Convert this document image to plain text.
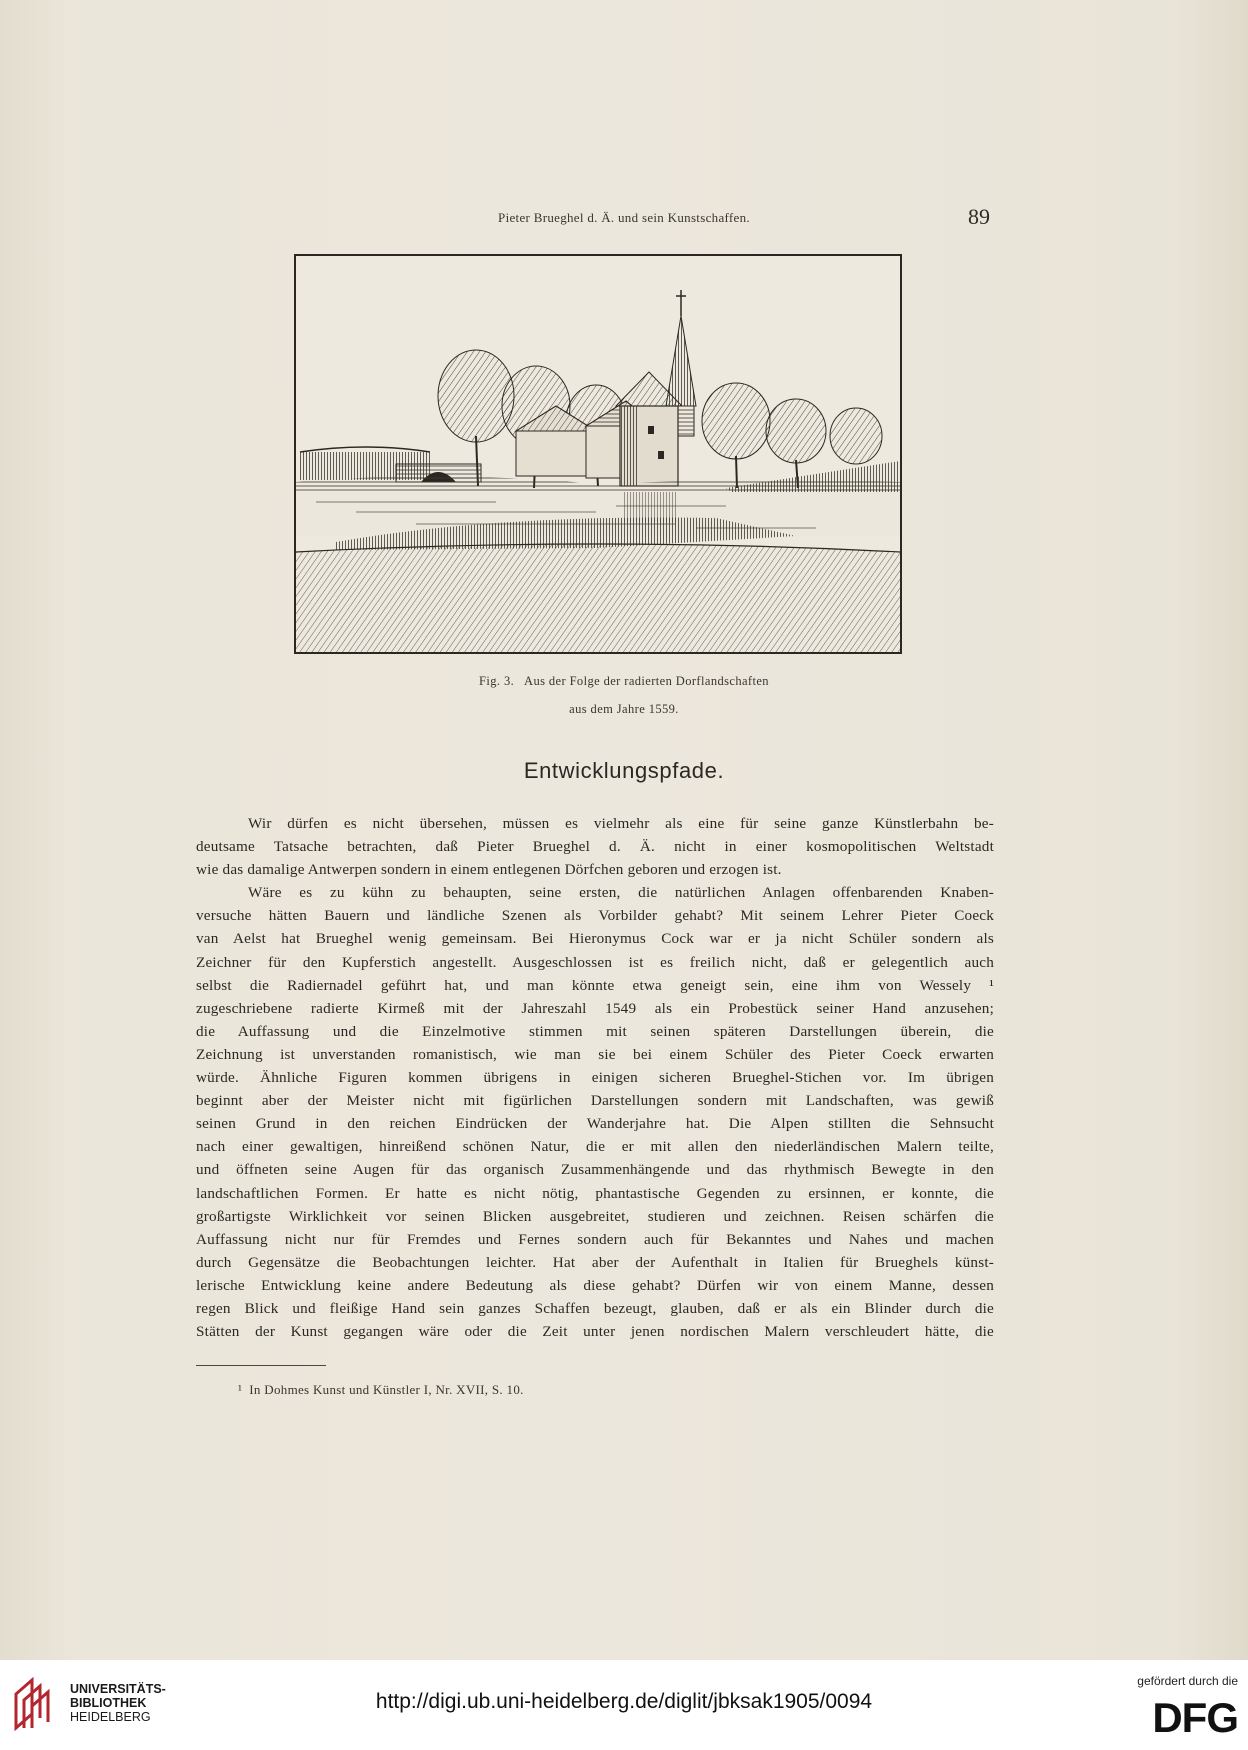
Pieter Brueghel d. Ä. und sein Kunstschaffen.	89
Fig. 3.   Aus der Folge der radierten Dorflandschaften
aus dem Jahre 1559.
Entwicklungspfade.
Wir dürfen es nicht übersehen, müssen es vielmehr als eine für seine ganze Künstlerbahn be-
deutsame Tatsache betrachten, daß Pieter Brueghel d. Ä. nicht in einer kosmopolitischen Weltstadt
wie das damalige Antwerpen sondern in einem entlegenen Dörfchen geboren und erzogen ist.
Wäre es zu kühn zu behaupten, seine ersten, die natürlichen Anlagen offenbarenden Knaben-
versuche hätten Bauern und ländliche Szenen als Vorbilder gehabt? Mit seinem Lehrer Pieter Coeck
van Aelst hat Brueghel wenig gemeinsam. Bei Hieronymus Cock war er ja nicht Schüler sondern als
Zeichner für den Kupferstich angestellt. Ausgeschlossen ist es freilich nicht, daß er gelegentlich auch
selbst die Radiernadel geführt hat, und man könnte etwa geneigt sein, eine ihm von Wessely ¹
zugeschriebene radierte Kirmeß mit der Jahreszahl 1549 als ein Probestück seiner Hand anzusehen;
die Auffassung und die Einzelmotive stimmen mit seinen späteren Darstellungen überein, die
Zeichnung ist unverstanden romanistisch, wie man sie bei einem Schüler des Pieter Coeck erwarten
würde. Ähnliche Figuren kommen übrigens in einigen sicheren Brueghel-Stichen vor. Im übrigen
beginnt aber der Meister nicht mit figürlichen Darstellungen sondern mit Landschaften, was gewiß
seinen Grund in den reichen Eindrücken der Wanderjahre hat. Die Alpen stillten die Sehnsucht
nach einer gewaltigen, hinreißend schönen Natur, die er mit allen den niederländischen Malern teilte,
und öffneten seine Augen für das organisch Zusammenhängende und das rhythmisch Bewegte in den
landschaftlichen Formen. Er hatte es nicht nötig, phantastische Gegenden zu ersinnen, er konnte, die
großartigste Wirklichkeit vor seinen Blicken ausgebreitet, studieren und zeichnen. Reisen schärfen die
Auffassung nicht nur für Fremdes und Fernes sondern auch für Bekanntes und Nahes und machen
durch Gegensätze die Beobachtungen leichter. Hat aber der Aufenthalt in Italien für Brueghels künst-
lerische Entwicklung keine andere Bedeutung als diese gehabt? Dürfen wir von einem Manne, dessen
regen Blick und fleißige Hand sein ganzes Schaffen bezeugt, glauben, daß er als ein Blinder durch die
Stätten der Kunst gegangen wäre oder die Zeit unter jenen nordischen Malern verschleudert hätte, die
¹  In Dohmes Kunst und Künstler I, Nr. XVII, S. 10.
UNIVERSITÄTS-
BIBLIOTHEK
HEIDELBERG
http://digi.ub.uni-heidelberg.de/diglit/jbksak1905/0094
gefördert durch die
DFG
